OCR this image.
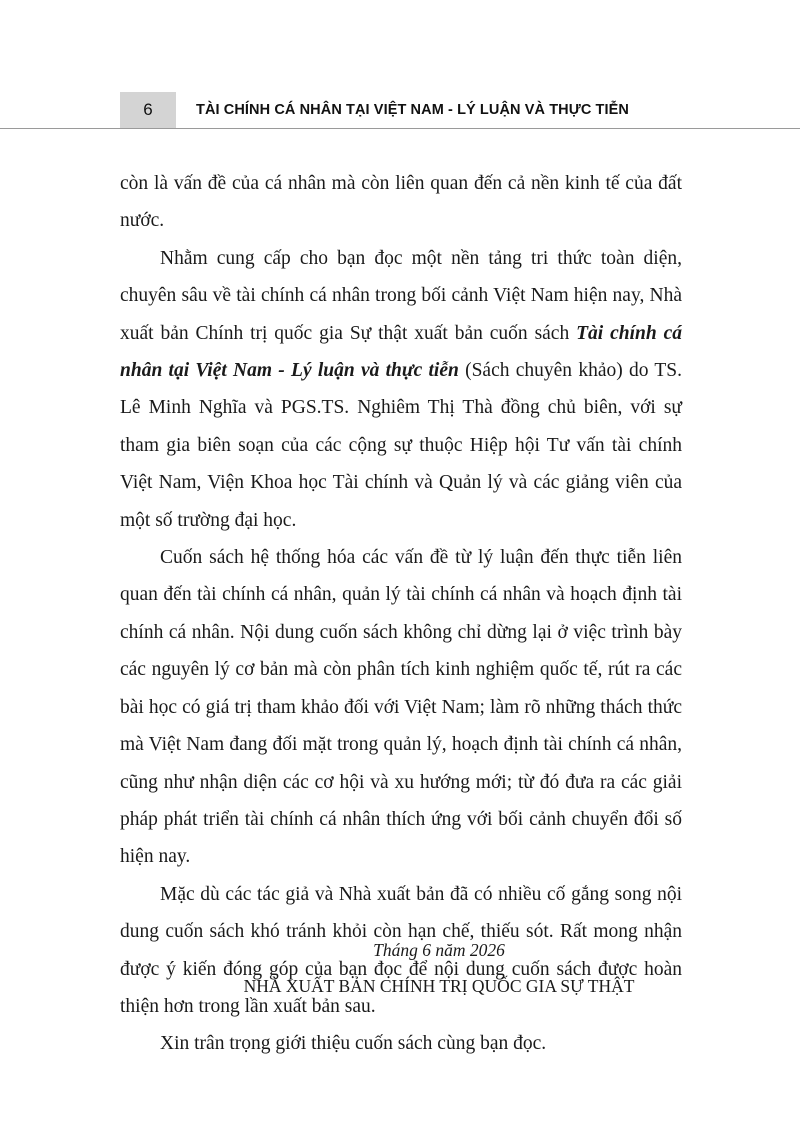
6	TÀI CHÍNH CÁ NHÂN TẠI VIỆT NAM - LÝ LUẬN VÀ THỰC TIỄN

còn là vấn đề của cá nhân mà còn liên quan đến cả nền kinh tế của đất nước.

Nhằm cung cấp cho bạn đọc một nền tảng tri thức toàn diện, chuyên sâu về tài chính cá nhân trong bối cảnh Việt Nam hiện nay, Nhà xuất bản Chính trị quốc gia Sự thật xuất bản cuốn sách Tài chính cá nhân tại Việt Nam - Lý luận và thực tiễn (Sách chuyên khảo) do TS. Lê Minh Nghĩa và PGS.TS. Nghiêm Thị Thà đồng chủ biên, với sự tham gia biên soạn của các cộng sự thuộc Hiệp hội Tư vấn tài chính Việt Nam, Viện Khoa học Tài chính và Quản lý và các giảng viên của một số trường đại học.

Cuốn sách hệ thống hóa các vấn đề từ lý luận đến thực tiễn liên quan đến tài chính cá nhân, quản lý tài chính cá nhân và hoạch định tài chính cá nhân. Nội dung cuốn sách không chỉ dừng lại ở việc trình bày các nguyên lý cơ bản mà còn phân tích kinh nghiệm quốc tế, rút ra các bài học có giá trị tham khảo đối với Việt Nam; làm rõ những thách thức mà Việt Nam đang đối mặt trong quản lý, hoạch định tài chính cá nhân, cũng như nhận diện các cơ hội và xu hướng mới; từ đó đưa ra các giải pháp phát triển tài chính cá nhân thích ứng với bối cảnh chuyển đổi số hiện nay.

Mặc dù các tác giả và Nhà xuất bản đã có nhiều cố gắng song nội dung cuốn sách khó tránh khỏi còn hạn chế, thiếu sót. Rất mong nhận được ý kiến đóng góp của bạn đọc để nội dung cuốn sách được hoàn thiện hơn trong lần xuất bản sau.

Xin trân trọng giới thiệu cuốn sách cùng bạn đọc.

Tháng 6 năm 2026
NHÀ XUẤT BẢN CHÍNH TRỊ QUỐC GIA SỰ THẬT
